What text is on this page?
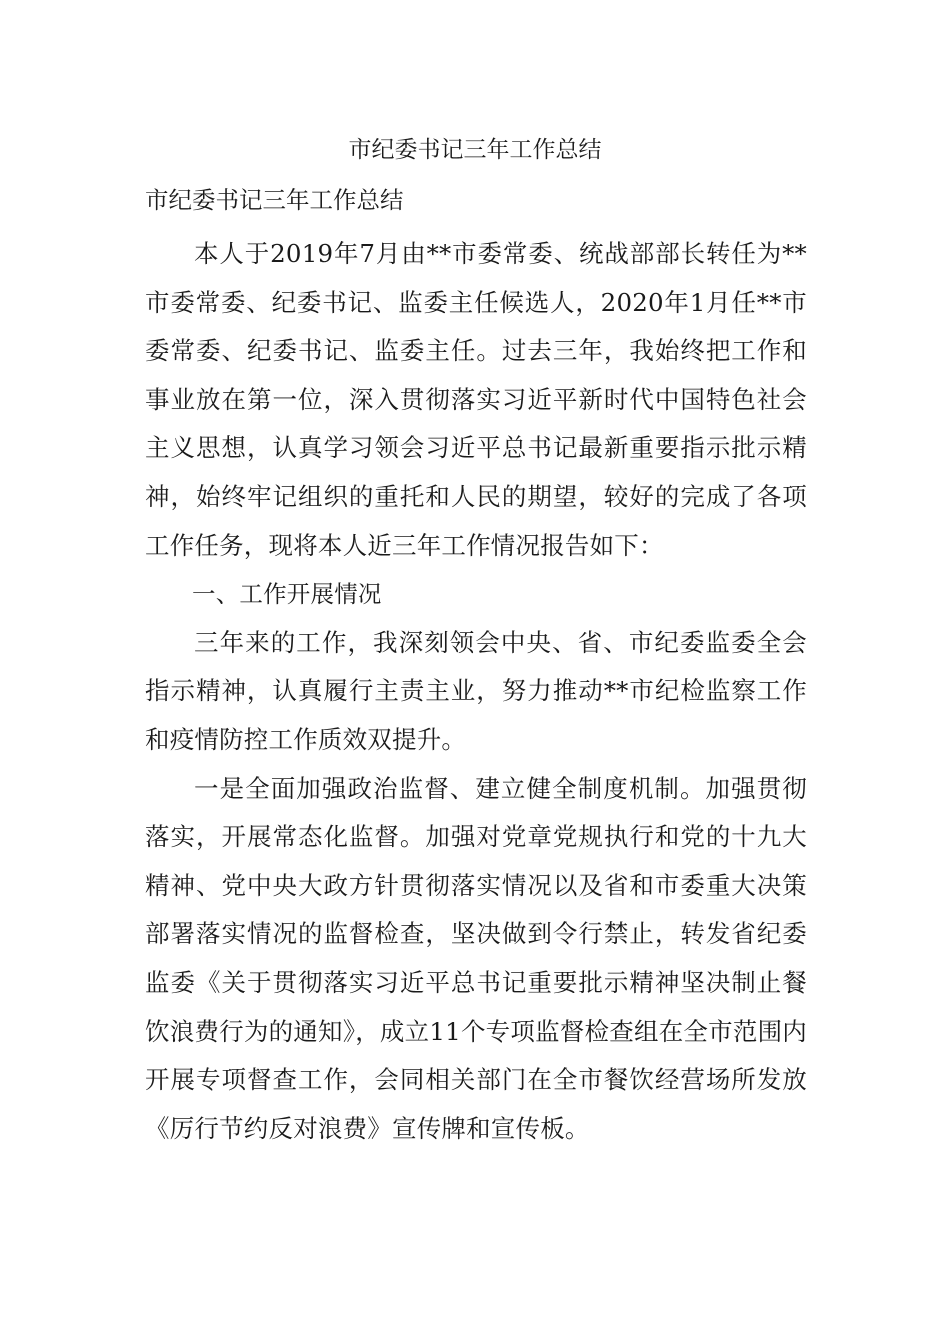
市纪委书记三年工作总结
市纪委书记三年工作总结

本人于2019年7月由**市委常委、统战部部长转任为**市委常委、纪委书记、监委主任候选人，2020年1月任**市委常委、纪委书记、监委主任。过去三年，我始终把工作和事业放在第一位，深入贯彻落实习近平新时代中国特色社会主义思想，认真学习领会习近平总书记最新重要指示批示精神，始终牢记组织的重托和人民的期望，较好的完成了各项工作任务，现将本人近三年工作情况报告如下：

一、工作开展情况

三年来的工作，我深刻领会中央、省、市纪委监委全会指示精神，认真履行主责主业，努力推动**市纪检监察工作和疫情防控工作质效双提升。

一是全面加强政治监督、建立健全制度机制。加强贯彻落实，开展常态化监督。加强对党章党规执行和党的十九大精神、党中央大政方针贯彻落实情况以及省和市委重大决策部署落实情况的监督检查，坚决做到令行禁止，转发省纪委监委《关于贯彻落实习近平总书记重要批示精神坚决制止餐饮浪费行为的通知》，成立11个专项监督检查组在全市范围内开展专项督查工作，会同相关部门在全市餐饮经营场所发放《厉行节约反对浪费》宣传牌和宣传板。
